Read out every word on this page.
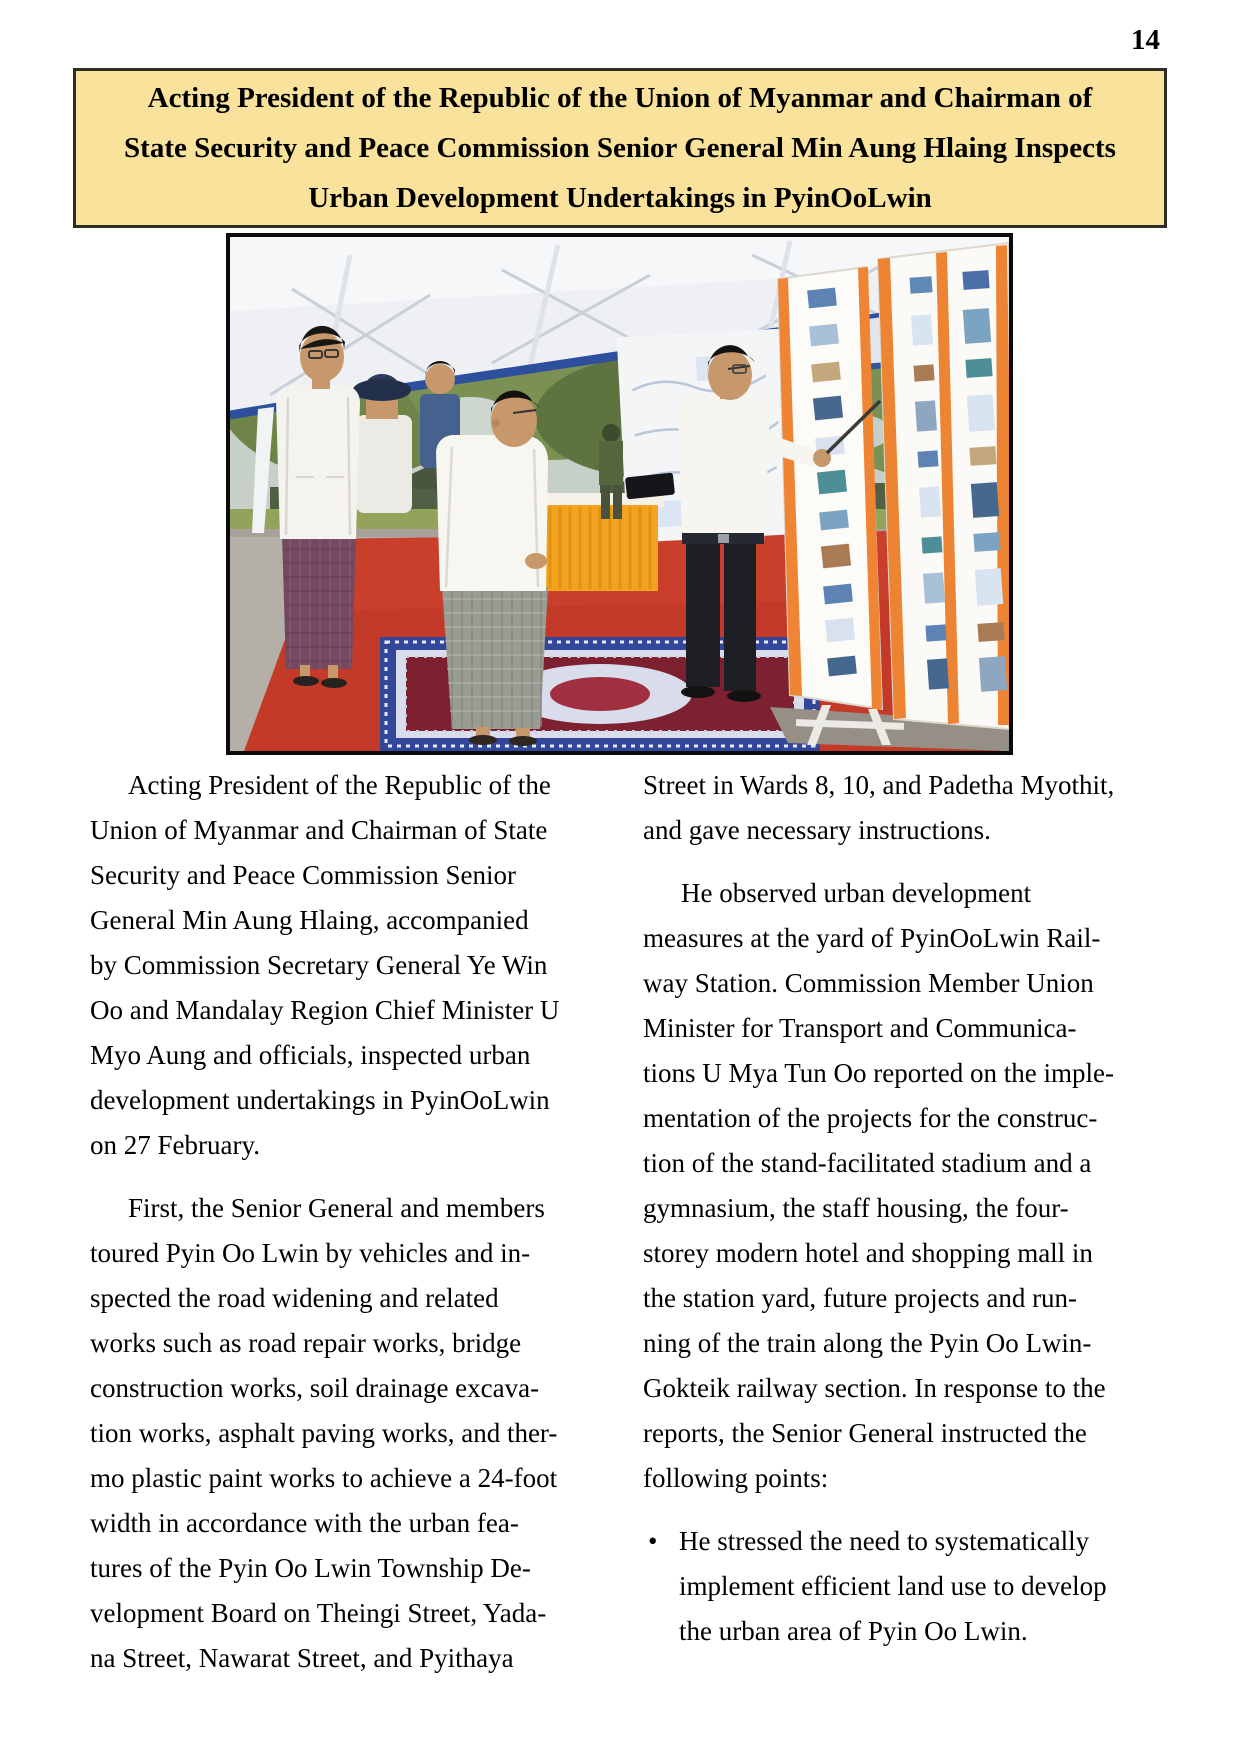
14
Acting President of the Republic of the Union of Myanmar and Chairman of
State Security and Peace Commission Senior General Min Aung Hlaing Inspects
Urban Development Undertakings in PyinOoLwin
Acting President of the Republic of the
Union of Myanmar and Chairman of State
Security and Peace Commission Senior
General Min Aung Hlaing, accompanied
by Commission Secretary General Ye Win
Oo and Mandalay Region Chief Minister U
Myo Aung and officials, inspected urban
development undertakings in PyinOoLwin
on 27 February.
First, the Senior General and members
toured Pyin Oo Lwin by vehicles and in-
spected the road widening and related
works such as road repair works, bridge
construction works, soil drainage excava-
tion works, asphalt paving works, and ther-
mo plastic paint works to achieve a 24-foot
width in accordance with the urban fea-
tures of the Pyin Oo Lwin Township De-
velopment Board on Theingi Street, Yada-
na Street, Nawarat Street, and Pyithaya
Street in Wards 8, 10, and Padetha Myothit,
and gave necessary instructions.
He observed urban development
measures at the yard of PyinOoLwin Rail-
way Station. Commission Member Union
Minister for Transport and Communica-
tions U Mya Tun Oo reported on the imple-
mentation of the projects for the construc-
tion of the stand-facilitated stadium and a
gymnasium, the staff housing, the four-
storey modern hotel and shopping mall in
the station yard, future projects and run-
ning of the train along the Pyin Oo Lwin-
Gokteik railway section. In response to the
reports, the Senior General instructed the
following points:
• He stressed the need to systematically
implement efficient land use to develop
the urban area of Pyin Oo Lwin.
